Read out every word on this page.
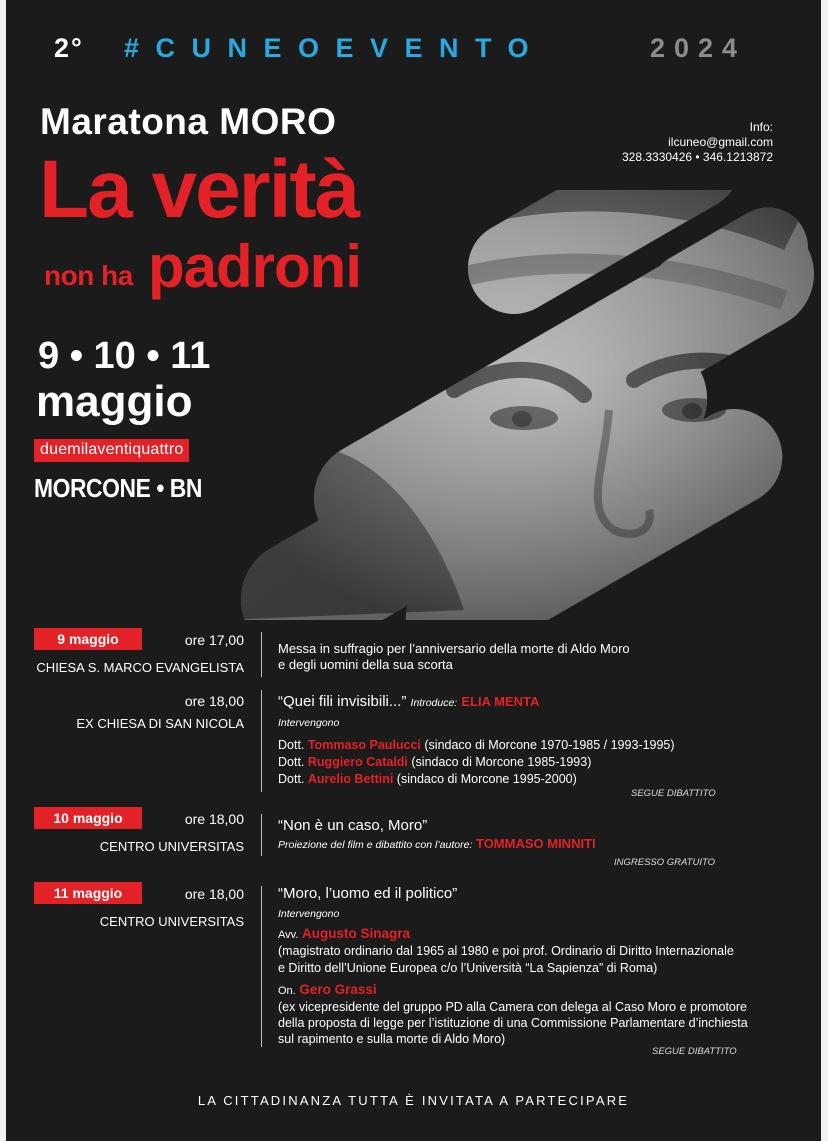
2° #CUNEOEVENTO	2024
Maratona MORO
La verità
non ha padroni
Info:
ilcuneo@gmail.com
328.3330426 • 346.1213872
9 • 10 • 11
maggio
duemilaventiquattro
MORCONE • BN
9 maggio	ore 17,00
CHIESA S. MARCO EVANGELISTA
Messa in suffragio per l’anniversario della morte di Aldo Moro
e degli uomini della sua scorta
ore 18,00
EX CHIESA DI SAN NICOLA
“Quei fili invisibili...” Introduce: ELIA MENTA
Intervengono
Dott. Tommaso Paulucci (sindaco di Morcone 1970-1985 / 1993-1995)
Dott. Ruggiero Cataldi (sindaco di Morcone 1985-1993)
Dott. Aurelio Bettini (sindaco di Morcone 1995-2000)
SEGUE DIBATTITO
10 maggio	ore 18,00
CENTRO UNIVERSITAS
“Non è un caso, Moro”
Proiezione del film e dibattito con l’autore: TOMMASO MINNITI
INGRESSO GRATUITO
11 maggio	ore 18,00
CENTRO UNIVERSITAS
“Moro, l’uomo ed il politico”
Intervengono
Avv. Augusto Sinagra
(magistrato ordinario dal 1965 al 1980 e poi prof. Ordinario di Diritto Internazionale
e Diritto dell’Unione Europea c/o l’Università “La Sapienza” di Roma)
On. Gero Grassi
(ex vicepresidente del gruppo PD alla Camera con delega al Caso Moro e promotore
della proposta di legge per l’istituzione di una Commissione Parlamentare d’inchiesta
sul rapimento e sulla morte di Aldo Moro)
SEGUE DIBATTITO
LA CITTADINANZA TUTTA È INVITATA A PARTECIPARE
